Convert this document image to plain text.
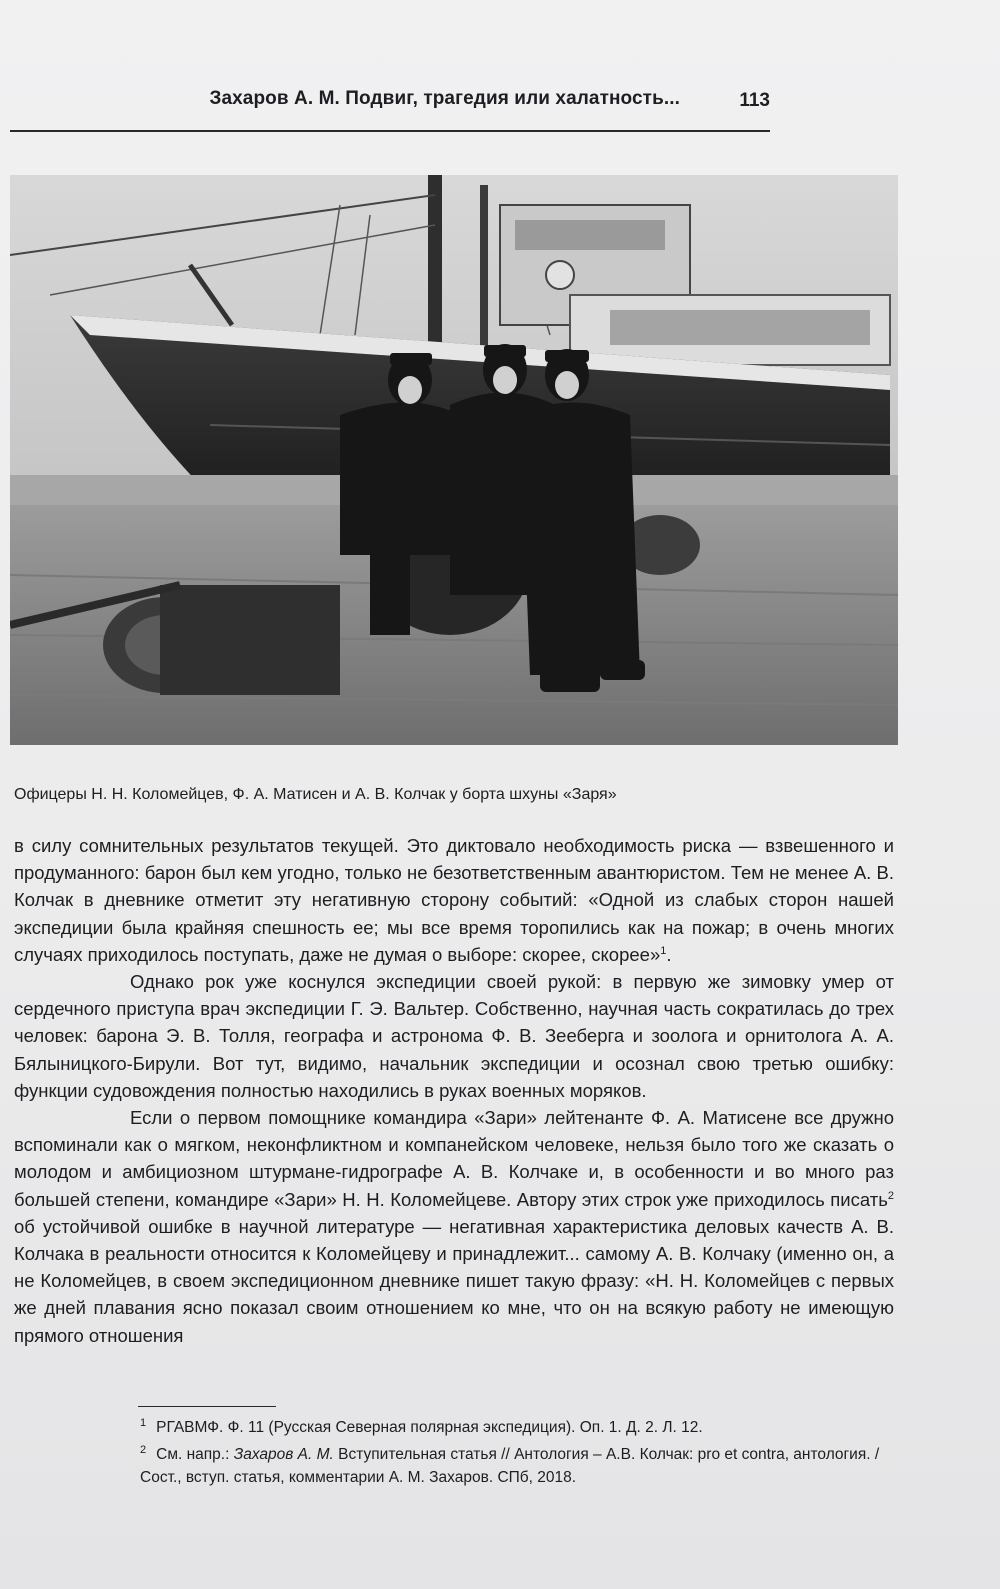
Захаров А. М. Подвиг, трагедия или халатность...	113
Офицеры Н. Н. Коломейцев, Ф. А. Матисен и А. В. Колчак у борта шхуны «Заря»

в силу сомнительных результатов текущей. Это диктовало необходимость риска — взвешенного и продуманного: барон был кем угодно, только не безответственным авантюристом. Тем не менее А. В. Колчак в дневнике отметит эту негативную сторону событий: «Одной из слабых сторон нашей экспедиции была крайняя спешность ее; мы все время торопились как на пожар; в очень многих случаях приходилось поступать, даже не думая о выборе: скорее, скорее»$^1$.

Однако рок уже коснулся экспедиции своей рукой: в первую же зимовку умер от сердечного приступа врач экспедиции Г. Э. Вальтер. Собственно, научная часть сократилась до трех человек: барона Э. В. Толля, географа и астронома Ф. В. Зееберга и зоолога и орнитолога А. А. Бялыницкого-Бирули. Вот тут, видимо, начальник экспедиции и осознал свою третью ошибку: функции судовождения полностью находились в руках военных моряков.

Если о первом помощнике командира «Зари» лейтенанте Ф. А. Матисене все дружно вспоминали как о мягком, неконфликтном и компанейском человеке, нельзя было того же сказать о молодом и амбициозном штурмане-гидрографе А. В. Колчаке и, в особенности и во много раз большей степени, командире «Зари» Н. Н. Коломейцеве. Автору этих строк уже приходилось писать$^2$ об устойчивой ошибке в научной литературе — негативная характеристика деловых качеств А. В. Колчака в реальности относится к Коломейцеву и принадлежит... самому А. В. Колчаку (именно он, а не Коломейцев, в своем экспедиционном дневнике пишет такую фразу: «Н. Н. Коломейцев с первых же дней плавания ясно показал своим отношением ко мне, что он на всякую работу не имеющую прямого отношения

$^1$ РГАВМФ. Ф. 11 (Русская Северная полярная экспедиция). Оп. 1. Д. 2. Л. 12.

$^2$ См. напр.: Захаров А. М. Вступительная статья // Антология – А.В. Колчак: pro et contra, антология. / Сост., вступ. статья, комментарии А. М. Захаров. СПб, 2018.
